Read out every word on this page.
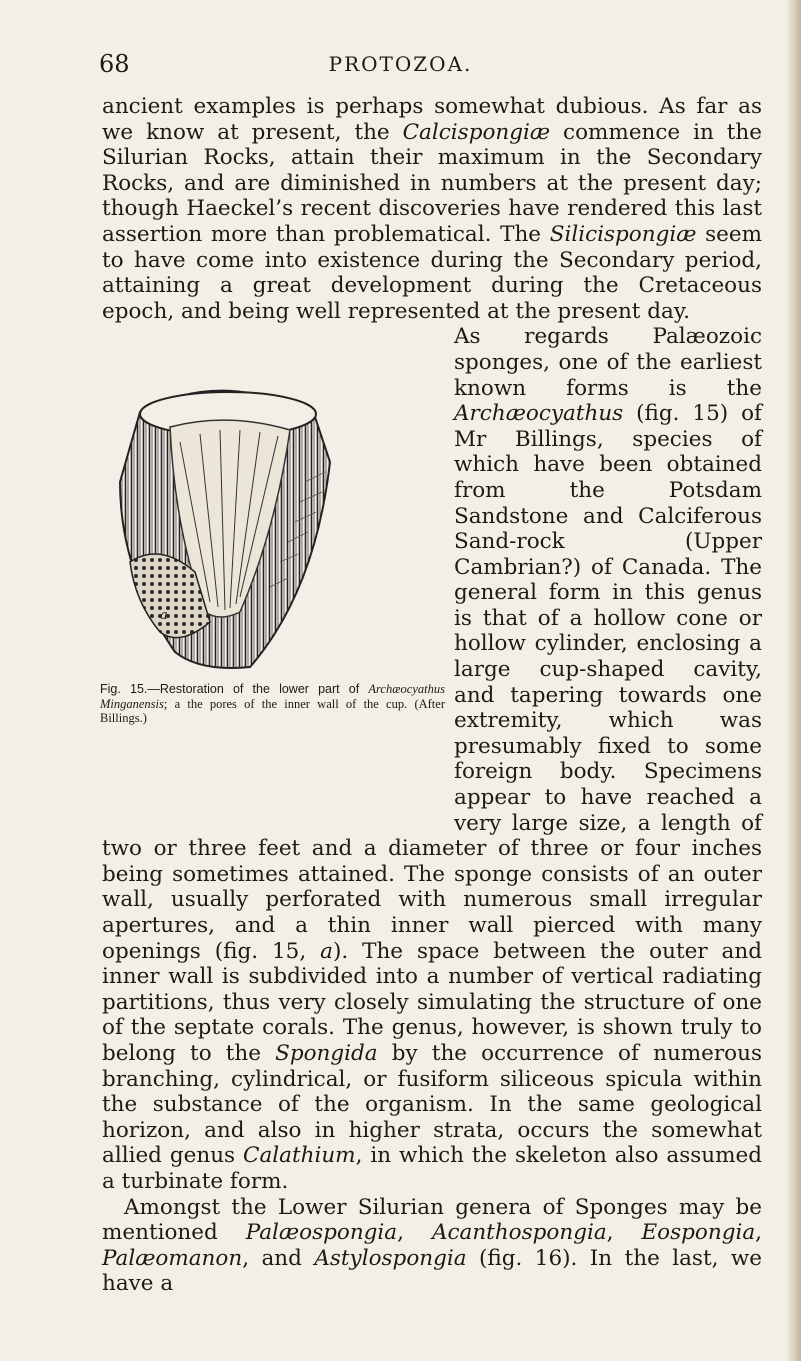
68	PROTOZOA.

ancient examples is perhaps somewhat dubious. As far as we know at present, the Calcispongiæ commence in the Silurian Rocks, attain their maximum in the Secondary Rocks, and are diminished in numbers at the present day; though Haeckel’s recent discoveries have rendered this last assertion more than problematical. The Silicispongiæ seem to have come into existence during the Secondary period, attaining a great development during the Cretaceous epoch, and being well represented at the present day.

As regards Palæozoic sponges, one of the earliest known forms is the Archæocyathus (fig. 15) of Mr Billings, species of which have been obtained from the Potsdam Sandstone and Calciferous Sand-rock (Upper Cambrian?) of Canada. The general form in this genus is that of a hollow cone or hollow cylinder, enclosing a large cup-shaped cavity, and tapering towards one extremity, which was presumably fixed to some foreign body. Specimens appear to have reached a very large size, a length of two or three feet and a diameter of three or four inches being sometimes attained. The sponge consists of an outer wall, usually perforated with numerous small irregular apertures, and a thin inner wall pierced with many openings (fig. 15, a). The space between the outer and inner wall is subdivided into a number of vertical radiating partitions, thus very closely simulating the structure of one of the septate corals. The genus, however, is shown truly to belong to the Spongida by the occurrence of numerous branching, cylindrical, or fusiform siliceous spicula within the substance of the organism. In the same geological horizon, and also in higher strata, occurs the somewhat allied genus Calathium, in which the skeleton also assumed a turbinate form.

Amongst the Lower Silurian genera of Sponges may be mentioned Palæospongia, Acanthospongia, Eospongia, Palæomanon, and Astylospongia (fig. 16). In the last, we have a

a
Fig. 15.—Restoration of the lower part of Archæocyathus Minganensis; a the pores of the inner wall of the cup. (After Billings.)
